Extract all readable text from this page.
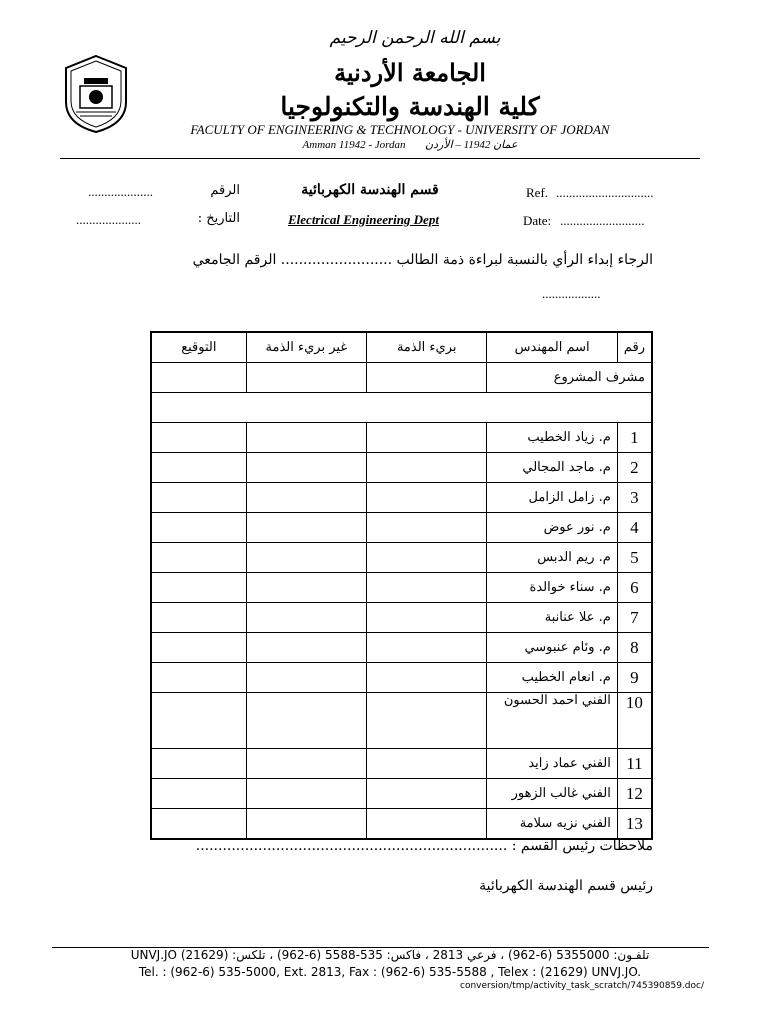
بسم الله الرحمن الرحيم
الجامعة الأردنية
كلية الهندسة والتكنولوجيا
FACULTY OF ENGINEERING & TECHNOLOGY - UNIVERSITY OF JORDAN
Amman 11942 - Jordan عمان 11942 – الأردن
....................	الرقم	قسم الهندسة الكهربائية	Ref. ..............................
....................	التاريخ :	Electrical Engineering Dept	Date: ..........................
الرجاء إبداء الرأي بالنسبة لبراءة ذمة الطالب ......................... الرقم الجامعي
..................
رقم	اسم المهندس	بريء الذمة	غير بريء الذمة	التوقيع
مشرف المشروع				

1	م. زياد الخطيب			
2	م. ماجد المجالي			
3	م. زامل الزامل			
4	م. نور عوض			
5	م. ريم الدبس			
6	م. سناء خوالدة			
7	م. علا عنانبة			
8	م. وئام عنبوسي			
9	م. انعام الخطيب			
10	الفني احمد الحسون			
11	الفني عماد زايد			
12	الفني غالب الزهور			
13	الفني نزيه سلامة			
ملاحظات رئيس القسم : ......................................................................
رئيس قسم الهندسة الكهربائية
تلفـون: 5355000 (6-962) ، فرعي 2813 ، فاكس: 535-5588 (6-962) ، تلكس: (21629) UNVJ.JO
Tel. : (962-6) 535-5000, Ext. 2813, Fax : (962-6) 535-5588 , Telex : (21629) UNVJ.JO.
conversion/tmp/activity_task_scratch/745390859.doc/
